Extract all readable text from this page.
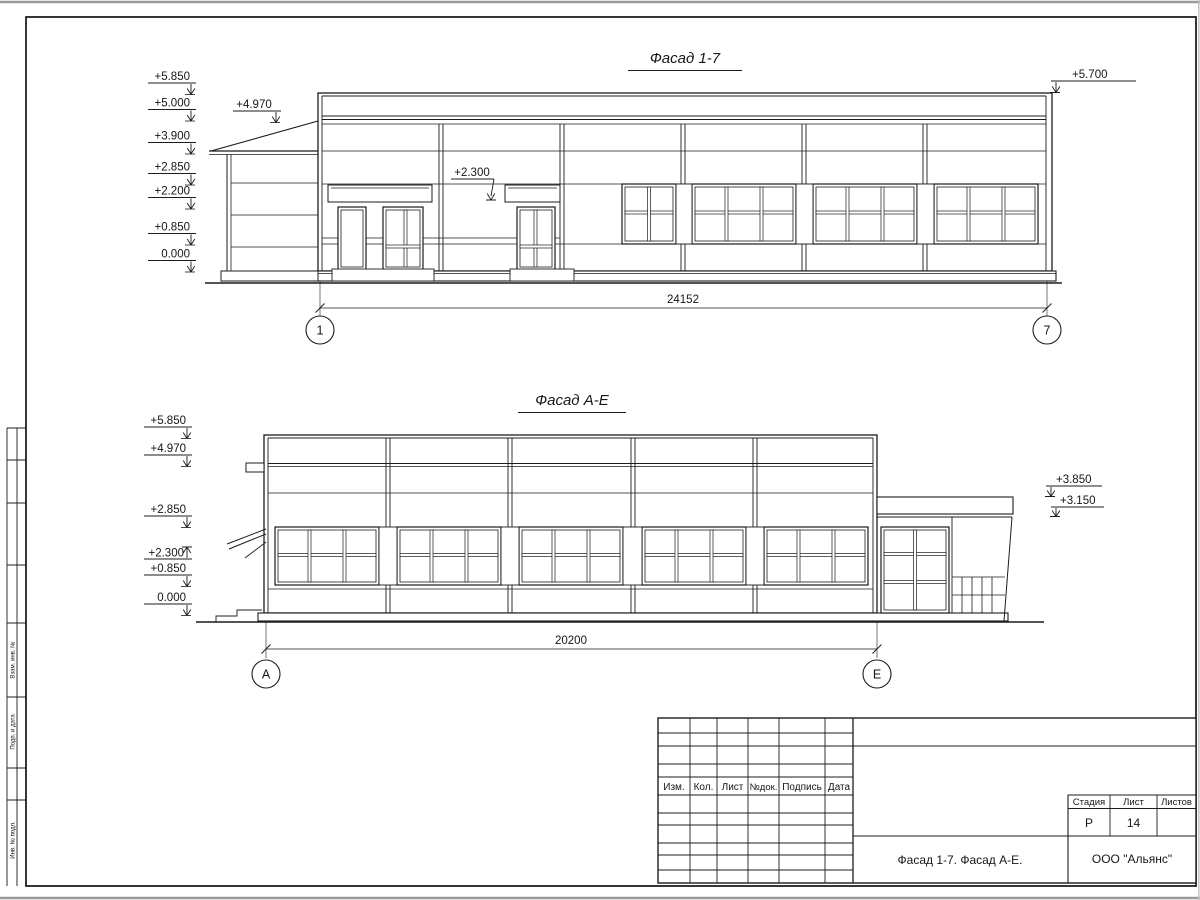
Взам. инв. №
Подп. и дата
Инв. № подл.
Фасад 1-7
24152
1	7
+5.850
+5.000
+3.900
+2.850
+2.200
+0.850
0.000
+4.970
+2.300
+5.700
Фасад А-Е
20200
А	Е
+5.850
+4.970
+2.850
+2.300
+0.850
0.000
+3.850
+3.150
Изм. Кол. Лист №док. Подпись Дата
Стадия Лист Листов
Р	14
Фасад 1-7. Фасад А-Е.	ООО "Альянс"
